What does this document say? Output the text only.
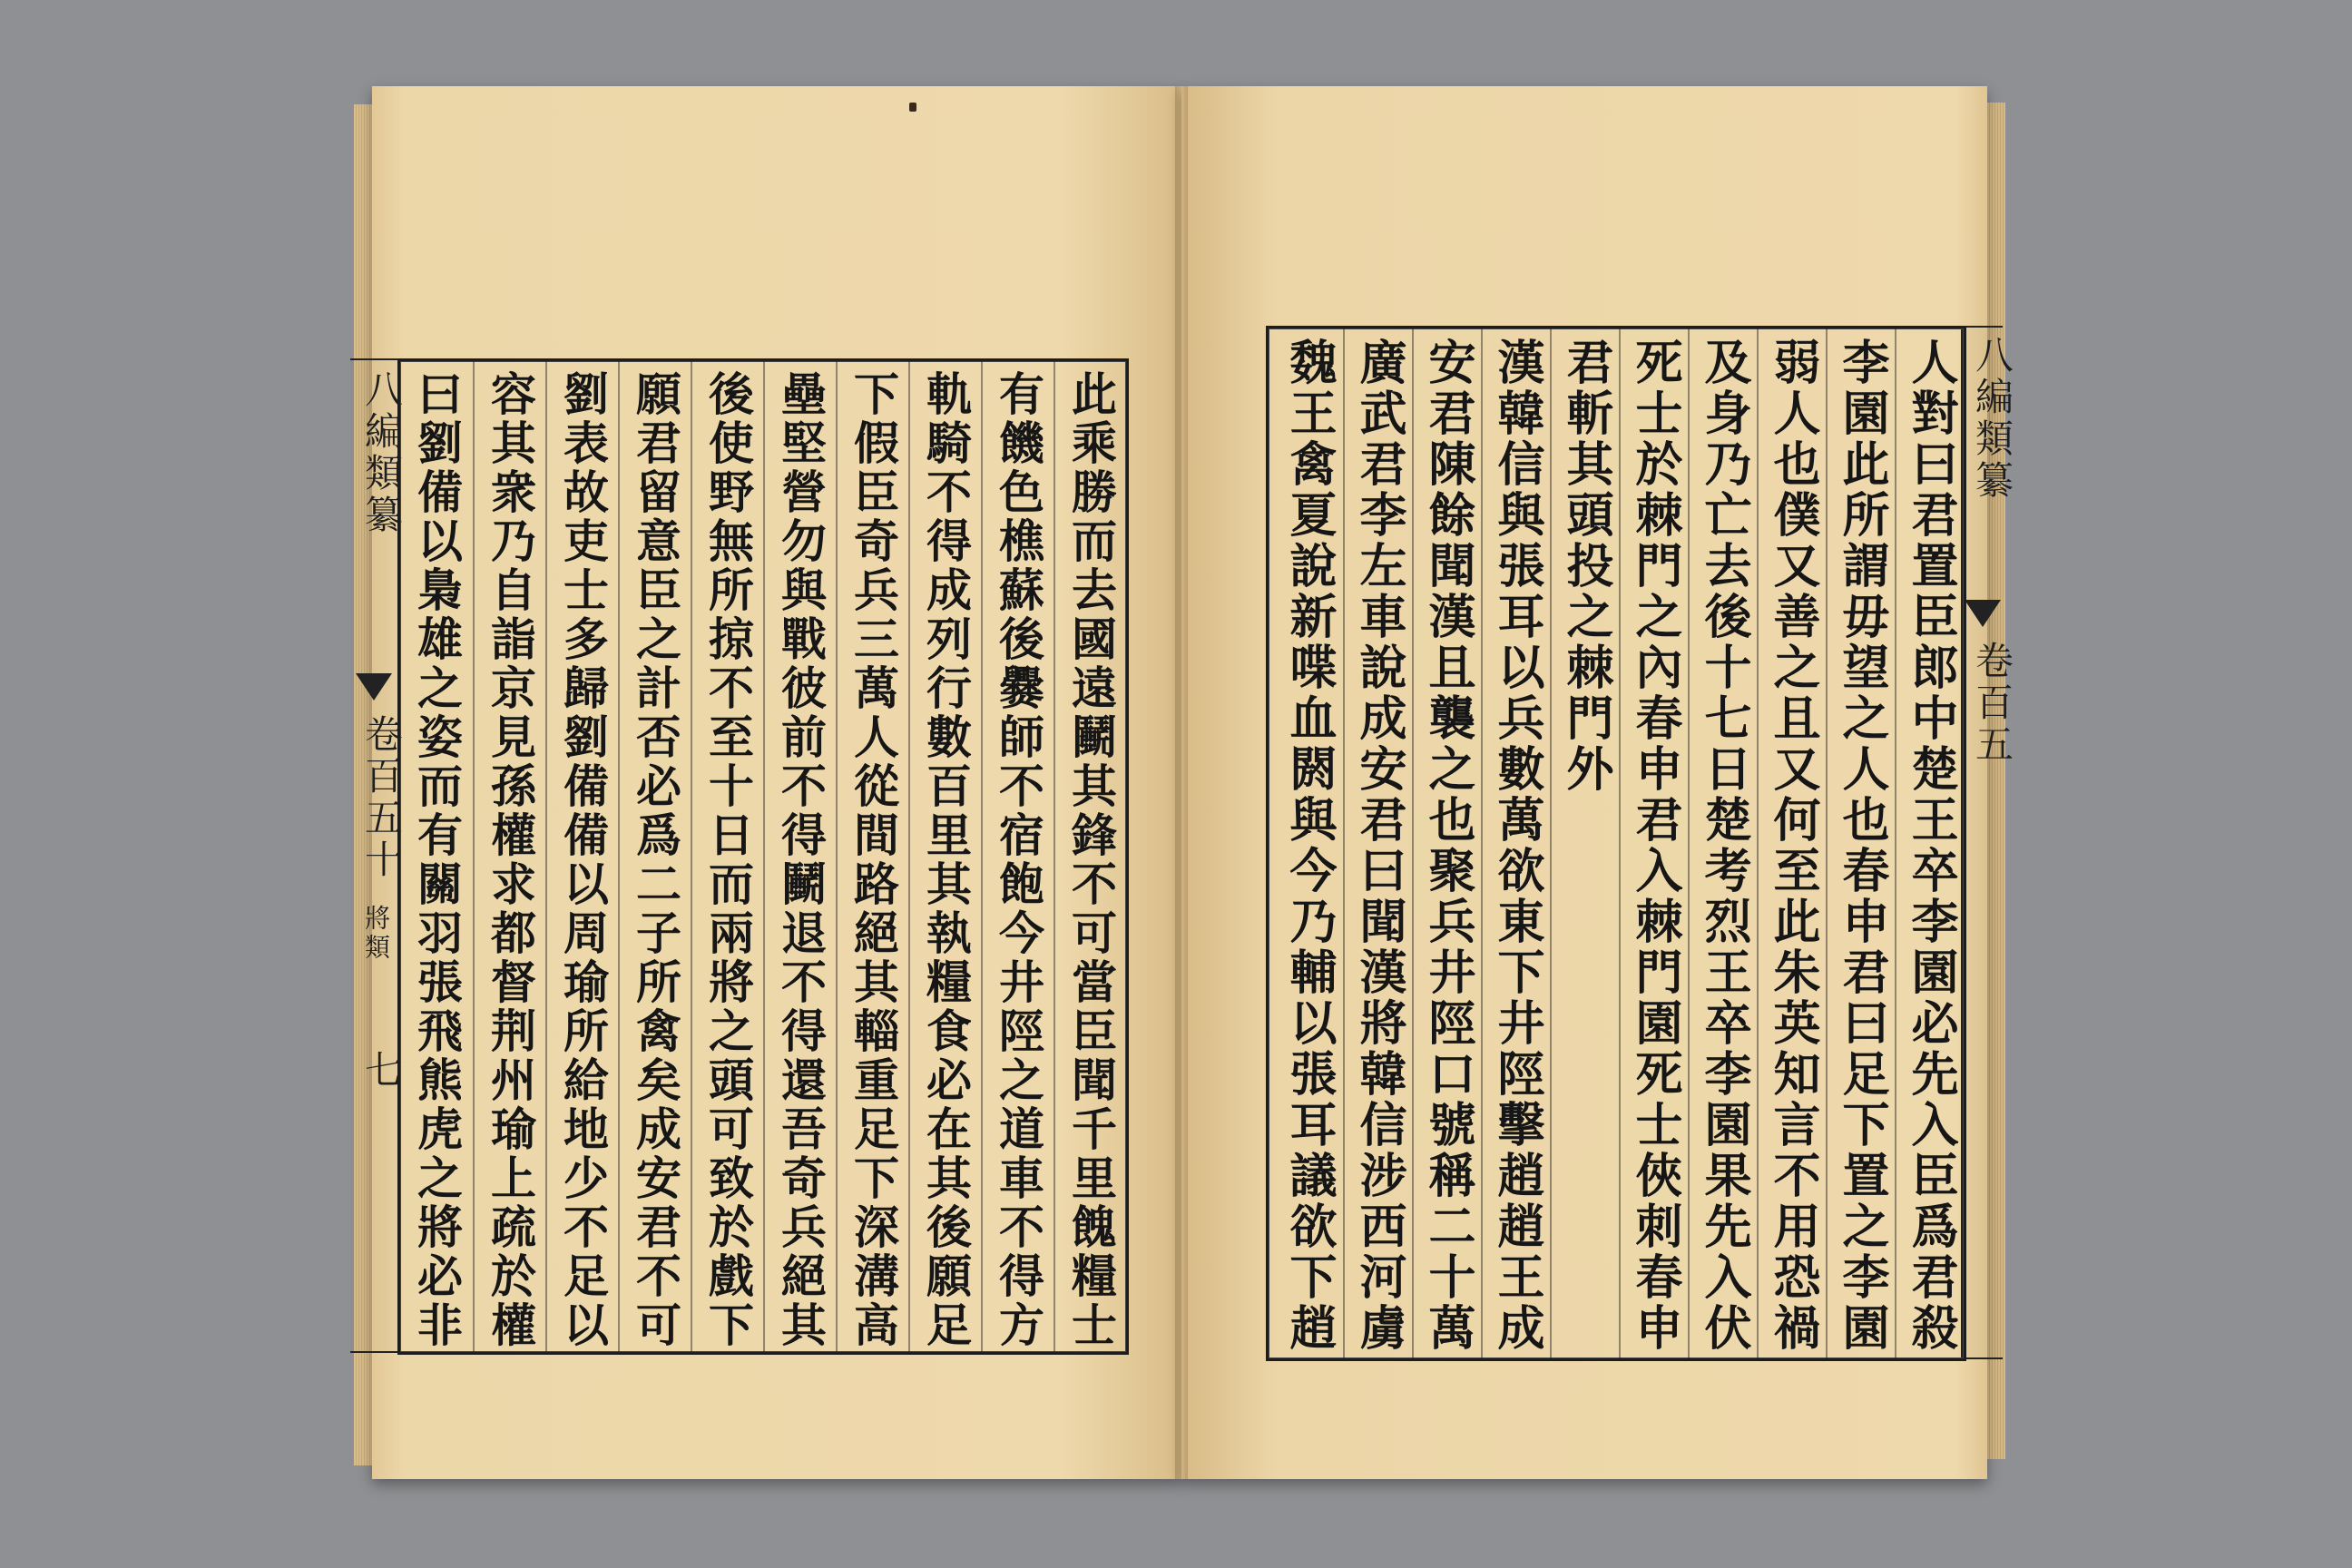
八編類纂
卷百五十
將類
七
八編類纂
卷百五
此乘勝而去國遠鬭其鋒不可當臣聞千里餽糧士
有饑色樵蘇後爨師不宿飽今井陘之道車不得方
軌騎不得成列行數百里其執糧食必在其後願足
下假臣奇兵三萬人從間路絕其輜重足下深溝高
壘堅營勿與戰彼前不得鬭退不得還吾奇兵絕其
後使野無所掠不至十日而兩將之頭可致於戲下
願君留意臣之計否必爲二子所禽矣成安君不可
劉表故吏士多歸劉備備以周瑜所給地少不足以
容其衆乃自詣京見孫權求都督荆州瑜上疏於權
曰劉備以梟雄之姿而有關羽張飛熊虎之將必非	人對曰君置臣郎中楚王卒李園必先入臣爲君殺
李園此所謂毋望之人也春申君曰足下置之李園
弱人也僕又善之且又何至此朱英知言不用恐禍
及身乃亡去後十七日楚考烈王卒李園果先入伏
死士於棘門之內春申君入棘門園死士俠刺春申
君斬其頭投之棘門外
漢韓信與張耳以兵數萬欲東下井陘擊趙趙王成
安君陳餘聞漢且襲之也聚兵井陘口號稱二十萬
廣武君李左車說成安君曰聞漢將韓信涉西河虜
魏王禽夏說新喋血閼與今乃輔以張耳議欲下趙
